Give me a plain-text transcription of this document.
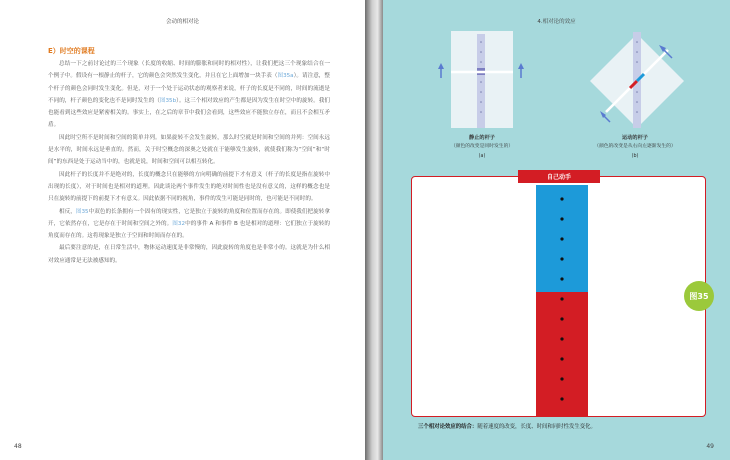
会动的相对论
E）时空的课程

总结一下之前讨论过的三个现象（长度的收缩、时间的膨胀和同时的相对性），让我们把这三个现象结合在一个例子中。假设有一根静止的杆子，它的颜色会突然发生变化，并且在它上面增加一块手表（图35a）。请注意，整个杆子的颜色会同时发生变化。但是，对于一个处于运动状态的观察者来说，杆子的长度是不同的，时间的流逝是不同的，杆子颜色的变化也不是同时发生的（图35b）。这三个相对效应的产生都是因为发生在时空中的旋转。我们也能看到这些效应是紧密相关的。事实上，在之后的章节中我们会看到，这些效应不能独立存在，而且不会相互矛盾。

因此时空所不是时间和空间的简单并列。如果旋转不会发生旋转，那么时空就是时间和空间的并列：空间永远是水平的，时间永远是垂直的。然而，关于时空概念的深奥之处就在于能够发生旋转，就使我们称为“空间”和“时间”的东西是处于运动当中的，也就是说，时间和空间可以相互转化。

因此杆子的长度并不是绝对的，长度的概念只在能够的方向明确的前提下才有意义（杆子的长度是指在旋转中出现的长度），对于时间也是相对的道理。因此谈论两个事件发生的绝对时间性也是没有意义的，这样的概念也是只在旋转的前提下的前提下才有意义。因此依据不同的视角，事件的发生可能是同时的，也可能是不同时的。

相反，图35中双色的长条拥有一个固有的现实性，它是独立于旋转的角度和位置而存在的。即使我们把旋转拿开，它依然存在，它是存在于时间和空间之外的。图32中的事件 A 和事件 B 也是相对的道理：它们独立于旋转的角度而存在的。这将现象是独立于空间和时间而存在的。

最后要注意的是，在日常生活中，物体运动速度是非常慢的，因此旋转的角度也是非常小的。这就是为什么相对效应通常是无法被感知的。

48
4.相对论的效应
49
静止的杆子
（颜色的改变是同时发生的）
(a)
运动的杆子
（颜色的改变是从右向左逐渐发生的）
(b)
自己动手
图35
三个相对论效应的结合：随着速度的改变，长度、时间和同时性发生变化。
